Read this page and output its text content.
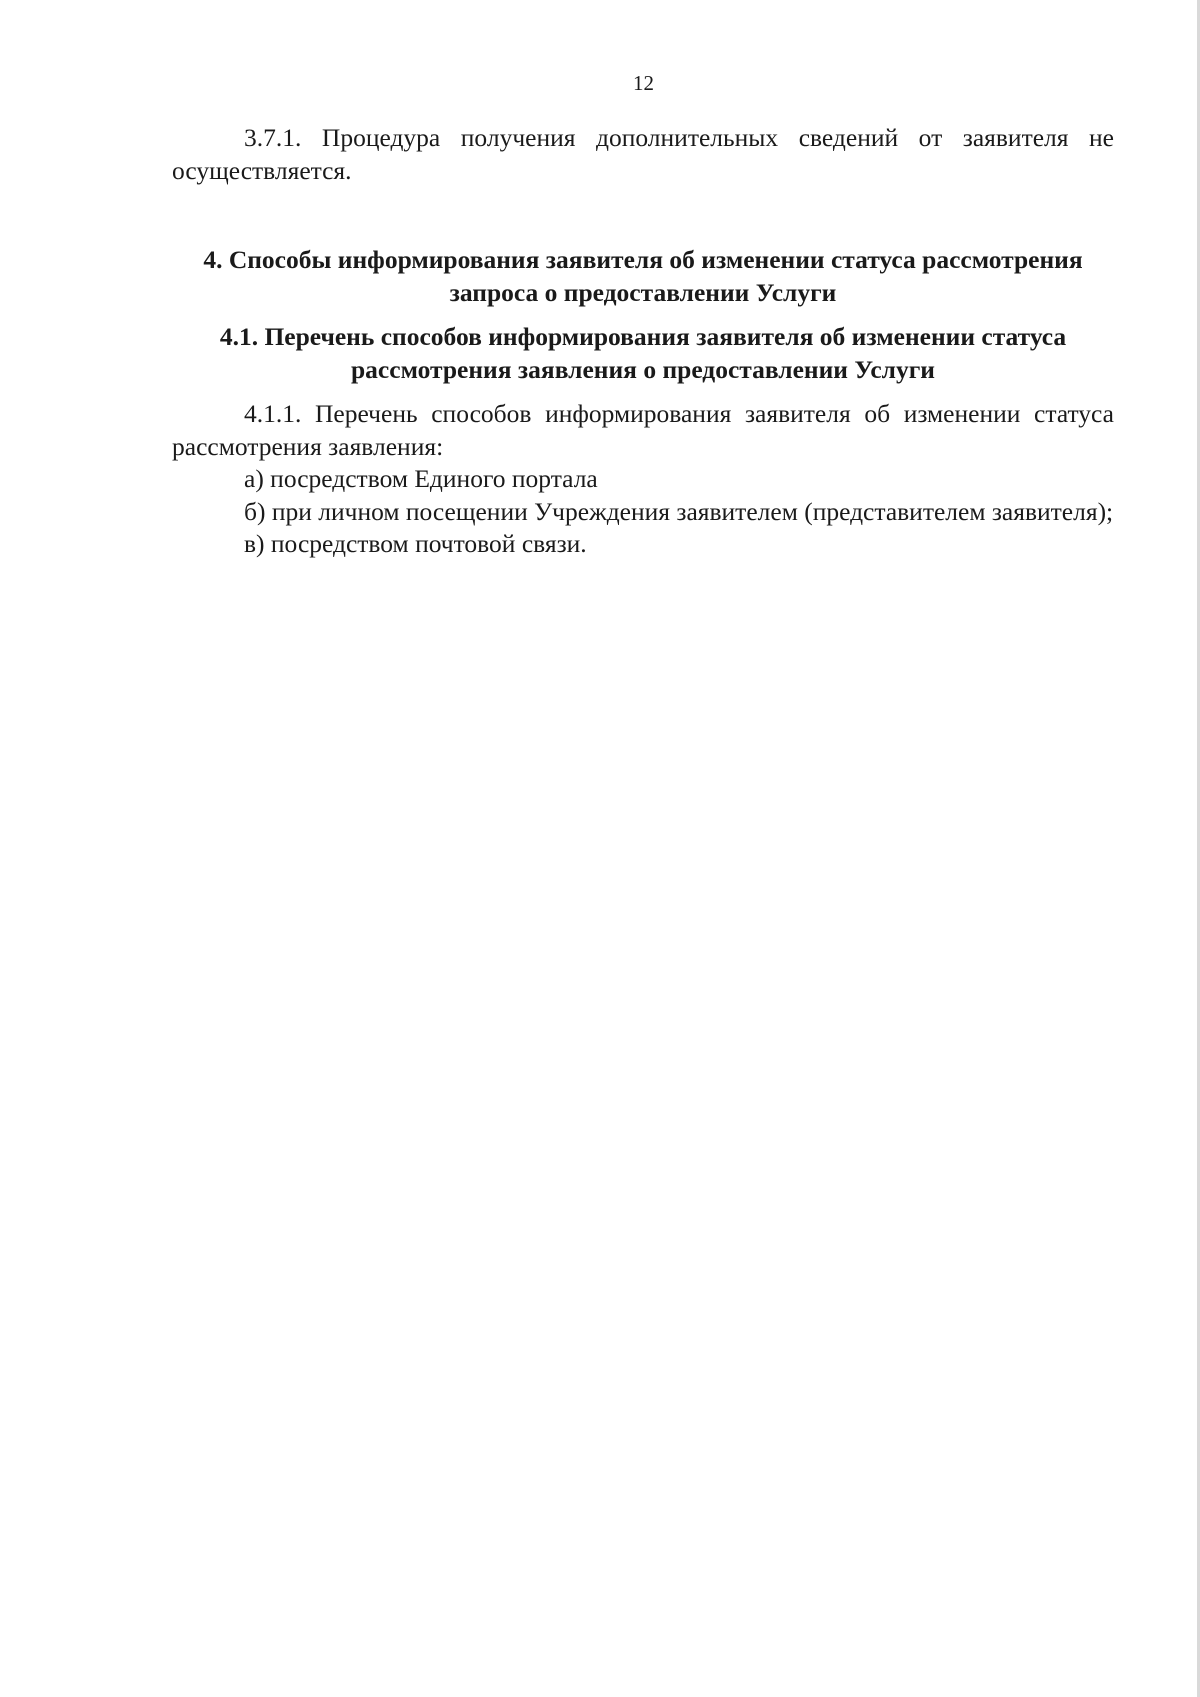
12

3.7.1. Процедура получения дополнительных сведений от заявителя не осуществляется.

4. Способы информирования заявителя об изменении статуса рассмотрения запроса о предоставлении Услуги

4.1. Перечень способов информирования заявителя об изменении статуса рассмотрения заявления о предоставлении Услуги

4.1.1. Перечень способов информирования заявителя об изменении статуса рассмотрения заявления:

а) посредством Единого портала

б) при личном посещении Учреждения заявителем (представителем заявителя);

в) посредством почтовой связи.
